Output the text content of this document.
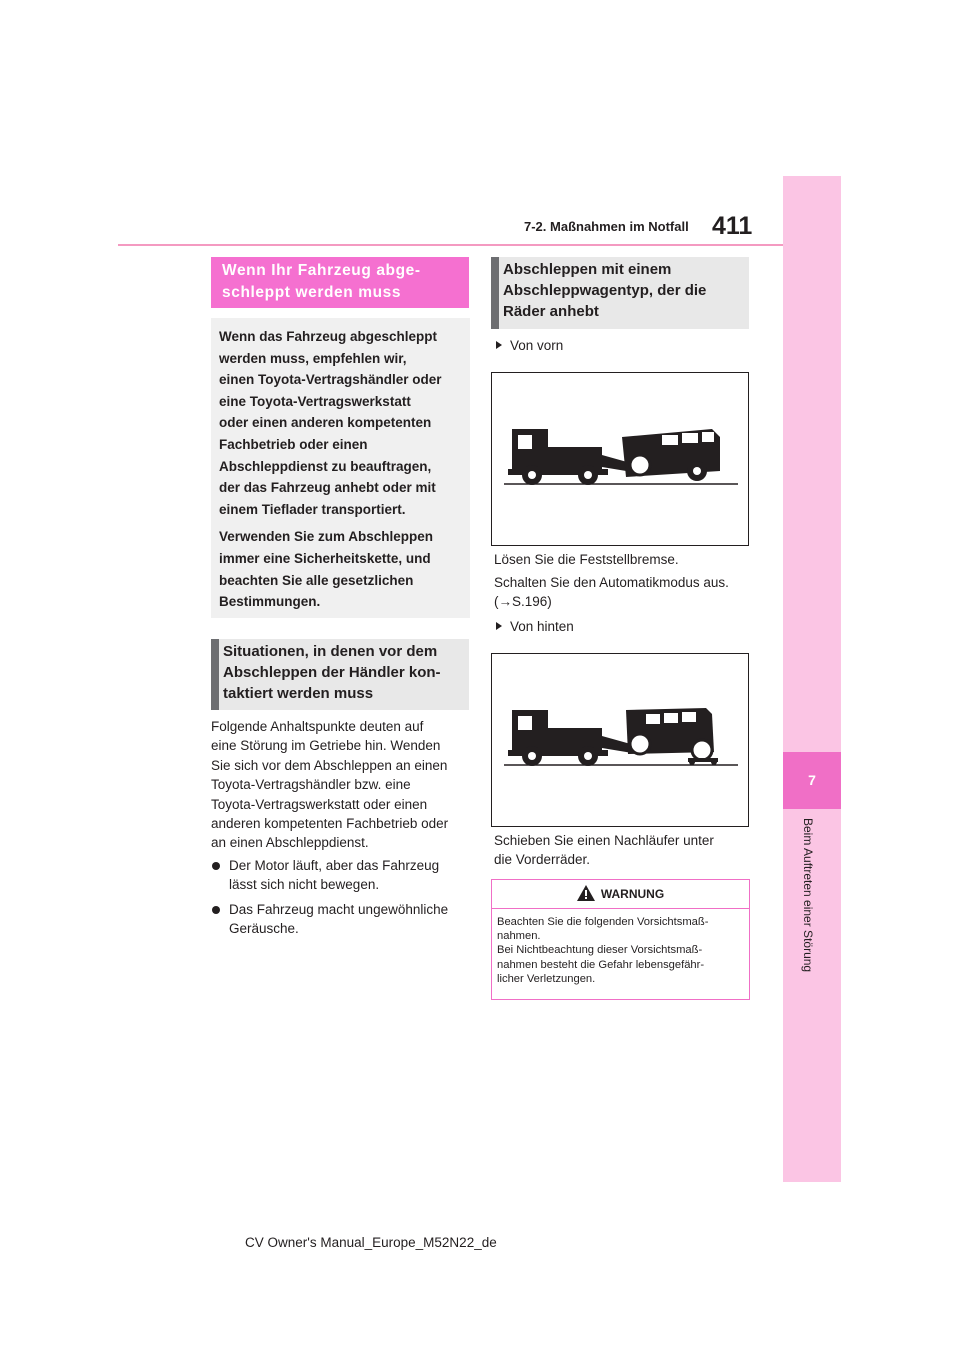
411
7-2. Maßnahmen im Notfall
7
Beim Auftreten einer Störung
Wenn Ihr Fahrzeug abge-
schleppt werden muss

Wenn das Fahrzeug abgeschleppt
werden muss, empfehlen wir,
einen Toyota-Vertragshändler oder
eine Toyota-Vertragswerkstatt
oder einen anderen kompetenten
Fachbetrieb oder einen
Abschleppdienst zu beauftragen,
der das Fahrzeug anhebt oder mit
einem Tieflader transportiert.

Verwenden Sie zum Abschleppen
immer eine Sicherheitskette, und
beachten Sie alle gesetzlichen
Bestimmungen.

Situationen, in denen vor dem
Abschleppen der Händler kon-
taktiert werden muss
Folgende Anhaltspunkte deuten auf
eine Störung im Getriebe hin. Wenden
Sie sich vor dem Abschleppen an einen
Toyota-Vertragshändler bzw. eine
Toyota-Vertragswerkstatt oder einen
anderen kompetenten Fachbetrieb oder
an einen Abschleppdienst.
Der Motor läuft, aber das Fahrzeug
lässt sich nicht bewegen.
Das Fahrzeug macht ungewöhnliche
Geräusche.
Abschleppen mit einem
Abschleppwagentyp, der die
Räder anhebt
Von vorn
Lösen Sie die Feststellbremse.
Schalten Sie den Automatikmodus aus.
(→S.196)
Von hinten
Schieben Sie einen Nachläufer unter
die Vorderräder.
WARNUNG
Beachten Sie die folgenden Vorsichtsmaß-
nahmen.
Bei Nichtbeachtung dieser Vorsichtsmaß-
nahmen besteht die Gefahr lebensgefähr-
licher Verletzungen.
CV Owner's Manual_Europe_M52N22_de
